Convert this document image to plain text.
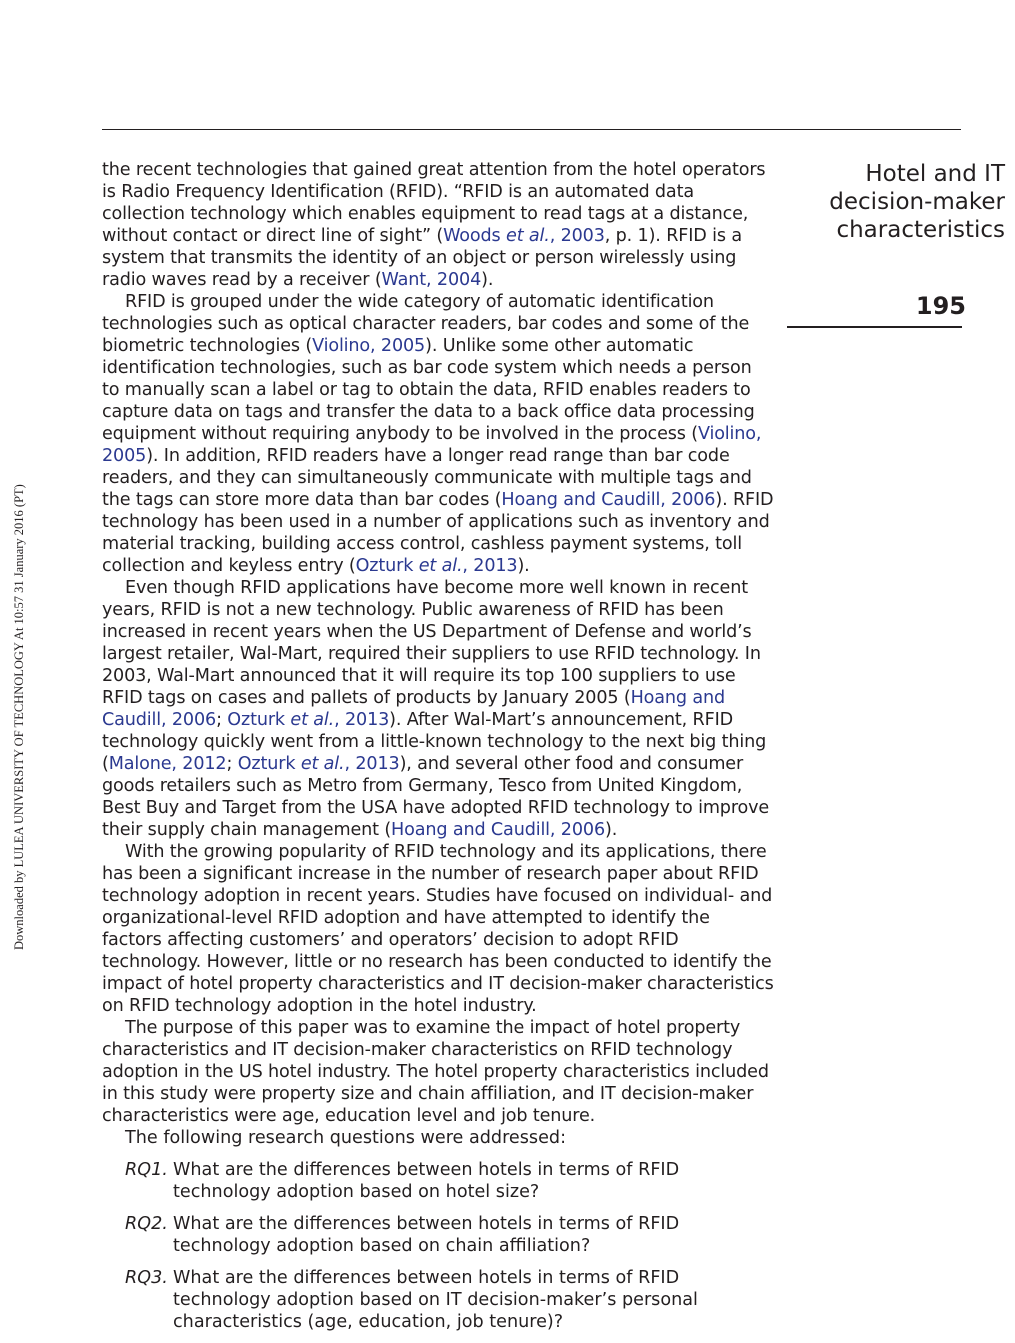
Downloaded by LULEA UNIVERSITY OF TECHNOLOGY At 10:57 31 January 2016 (PT)
Hotel and IT
decision-maker
characteristics
195

the recent technologies that gained great attention from the hotel operators is Radio Frequency Identification (RFID). “RFID is an automated data collection technology which enables equipment to read tags at a distance, without contact or direct line of sight” (Woods et al., 2003, p. 1). RFID is a system that transmits the identity of an object or person wirelessly using radio waves read by a receiver (Want, 2004).

RFID is grouped under the wide category of automatic identification technologies such as optical character readers, bar codes and some of the biometric technologies (Violino, 2005). Unlike some other automatic identification technologies, such as bar code system which needs a person to manually scan a label or tag to obtain the data, RFID enables readers to capture data on tags and transfer the data to a back office data processing equipment without requiring anybody to be involved in the process (Violino, 2005). In addition, RFID readers have a longer read range than bar code readers, and they can simultaneously communicate with multiple tags and the tags can store more data than bar codes (Hoang and Caudill, 2006). RFID technology has been used in a number of applications such as inventory and material tracking, building access control, cashless payment systems, toll collection and keyless entry (Ozturk et al., 2013).

Even though RFID applications have become more well known in recent years, RFID is not a new technology. Public awareness of RFID has been increased in recent years when the US Department of Defense and world’s largest retailer, Wal-Mart, required their suppliers to use RFID technology. In 2003, Wal-Mart announced that it will require its top 100 suppliers to use RFID tags on cases and pallets of products by January 2005 (Hoang and Caudill, 2006; Ozturk et al., 2013). After Wal-Mart’s announcement, RFID technology quickly went from a little-known technology to the next big thing (Malone, 2012; Ozturk et al., 2013), and several other food and consumer goods retailers such as Metro from Germany, Tesco from United Kingdom, Best Buy and Target from the USA have adopted RFID technology to improve their supply chain management (Hoang and Caudill, 2006).

With the growing popularity of RFID technology and its applications, there has been a significant increase in the number of research paper about RFID technology adoption in recent years. Studies have focused on individual- and organizational-level RFID adoption and have attempted to identify the factors affecting customers’ and operators’ decision to adopt RFID technology. However, little or no research has been conducted to identify the impact of hotel property characteristics and IT decision-maker characteristics on RFID technology adoption in the hotel industry.

The purpose of this paper was to examine the impact of hotel property characteristics and IT decision-maker characteristics on RFID technology adoption in the US hotel industry. The hotel property characteristics included in this study were property size and chain affiliation, and IT decision-maker characteristics were age, education level and job tenure.

The following research questions were addressed:

RQ1. What are the differences between hotels in terms of RFID technology adoption based on hotel size?
RQ2. What are the differences between hotels in terms of RFID technology adoption based on chain affiliation?
RQ3. What are the differences between hotels in terms of RFID technology adoption based on IT decision-maker’s personal characteristics (age, education, job tenure)?
